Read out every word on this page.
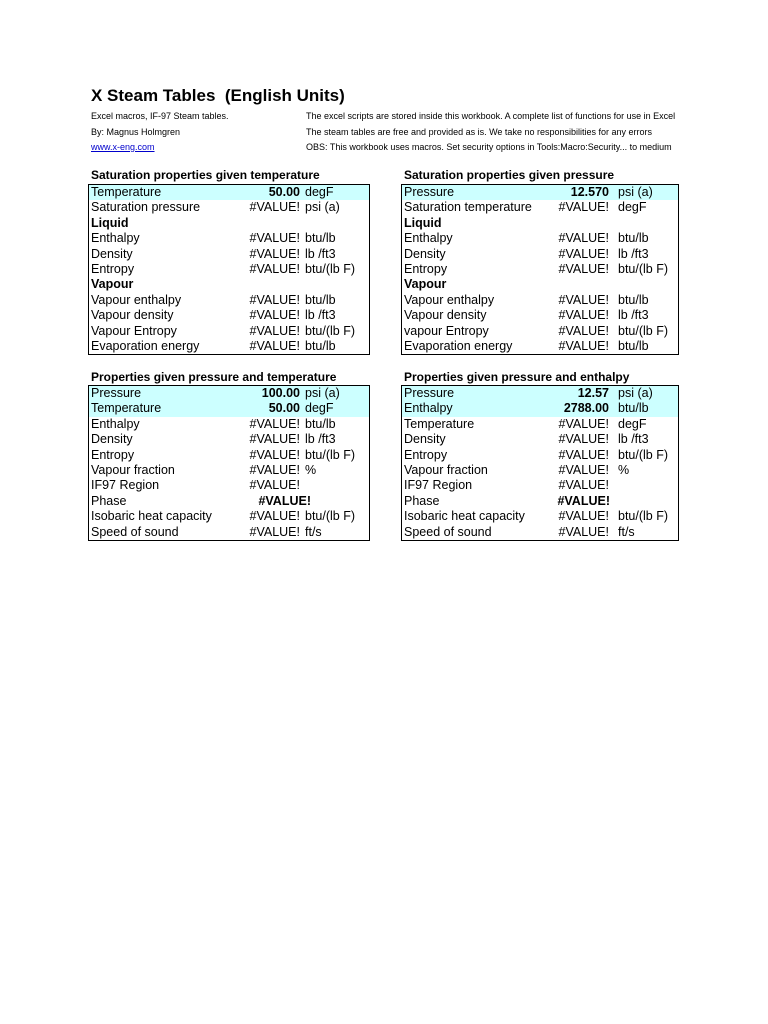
X Steam Tables  (English Units)
Excel macros, IF-97 Steam tables.
By: Magnus Holmgren
www.x-eng.com
The excel scripts are stored inside this workbook. A complete list of functions for use in Excel
The steam tables are free and provided as is. We take no responsibilities for any errors
OBS: This workbook uses macros. Set security options in Tools:Macro:Security... to medium
Saturation properties given temperature
Temperature	50.00 degF
Saturation pressure	#VALUE! psi (a)
Liquid
Enthalpy	#VALUE! btu/lb
Density	#VALUE! lb /ft3
Entropy	#VALUE! btu/(lb F)
Vapour
Vapour enthalpy	#VALUE! btu/lb
Vapour density	#VALUE! lb /ft3
Vapour Entropy	#VALUE! btu/(lb F)
Evaporation energy	#VALUE! btu/lb
Saturation properties given pressure
Pressure	12.570 psi (a)
Saturation temperature #VALUE! degF
Liquid
Enthalpy	#VALUE! btu/lb
Density	#VALUE! lb /ft3
Entropy	#VALUE! btu/(lb F)
Vapour
Vapour enthalpy	#VALUE! btu/lb
Vapour density	#VALUE! lb /ft3
vapour Entropy	#VALUE! btu/(lb F)
Evaporation energy	#VALUE! btu/lb
Properties given pressure and temperature
Pressure	100.00 psi (a)
Temperature	50.00 degF
Enthalpy	#VALUE! btu/lb
Density	#VALUE! lb /ft3
Entropy	#VALUE! btu/(lb F)
Vapour fraction	#VALUE! %
IF97 Region	#VALUE!
Phase	#VALUE!
Isobaric heat capacity	#VALUE! btu/(lb F)
Speed of sound	#VALUE! ft/s
Properties given pressure and enthalpy
Pressure	12.57 psi (a)
Enthalpy	2788.00 btu/lb
Temperature	#VALUE! degF
Density	#VALUE! lb /ft3
Entropy	#VALUE! btu/(lb F)
Vapour fraction	#VALUE! %
IF97 Region	#VALUE!
Phase	#VALUE!
Isobaric heat capacity	#VALUE! btu/(lb F)
Speed of sound	#VALUE! ft/s
